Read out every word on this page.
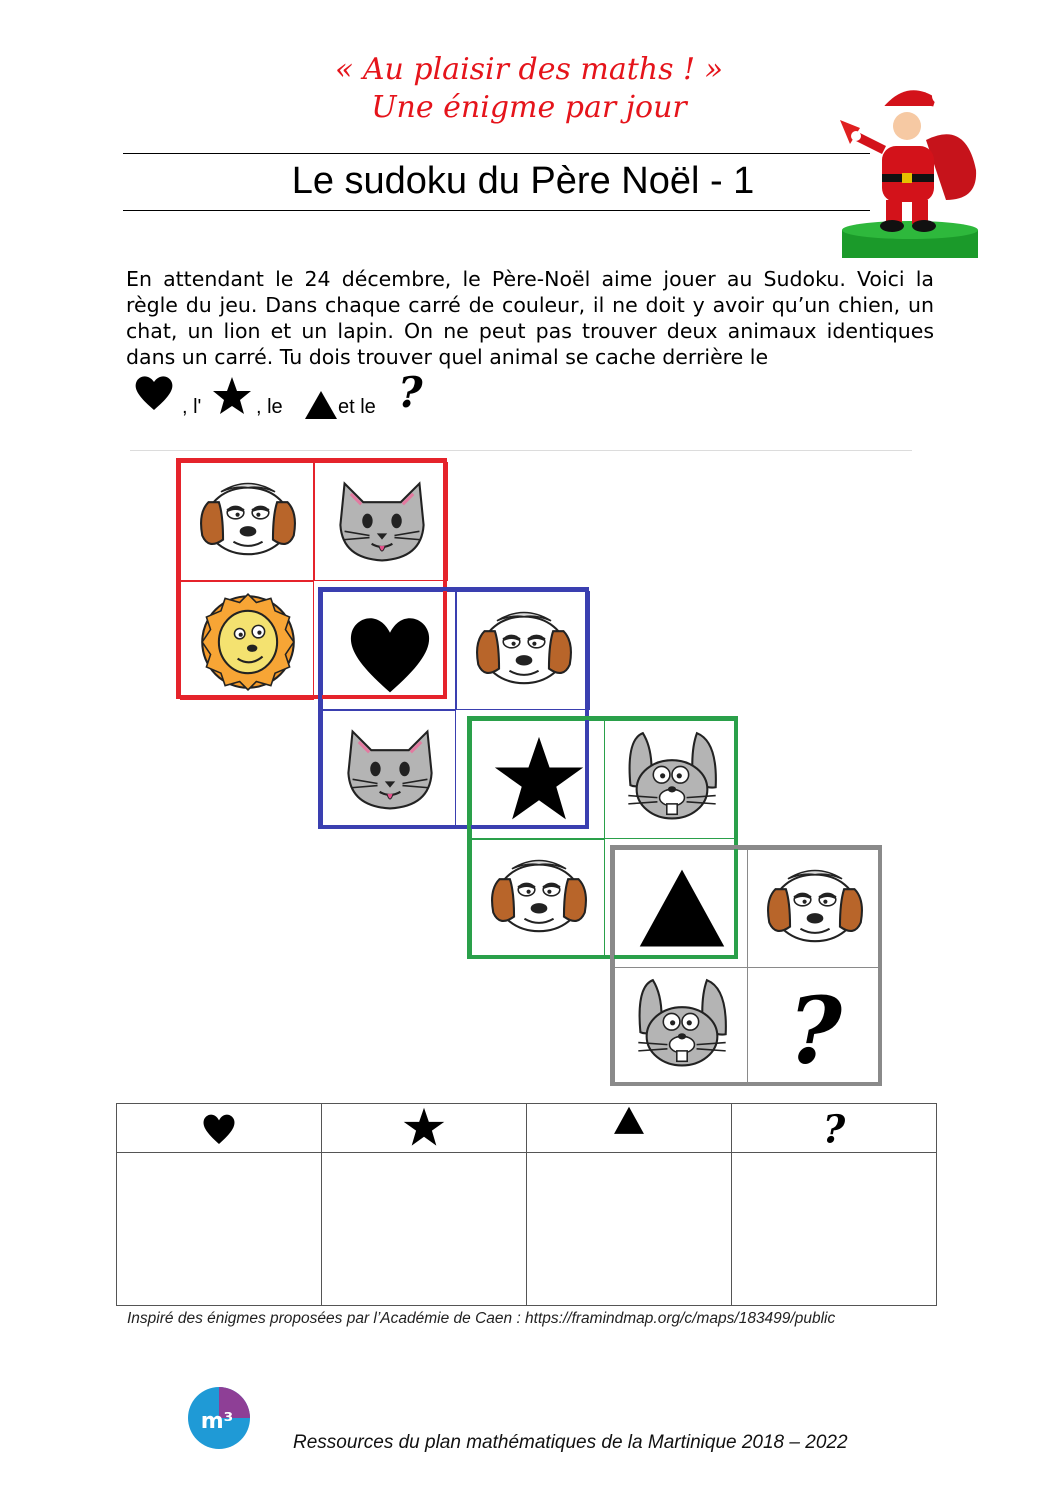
« Au plaisir des maths ! »
Une énigme par jour
Le sudoku du Père Noël - 1
En attendant le 24 décembre, le Père-Noël aime jouer au Sudoku. Voici la règle du jeu. Dans chaque carré de couleur, il ne doit y avoir qu’un chien, un chat, un lion et un lapin. On ne peut pas trouver deux animaux identiques dans un carré. Tu dois trouver quel animal se cache derrière le
, l'	, le	et le ?

Inspiré des énigmes proposées par l’Académie de Caen : https://framindmap.org/c/maps/183499/public
m³
Ressources du plan mathématiques de la Martinique 2018 – 2022
